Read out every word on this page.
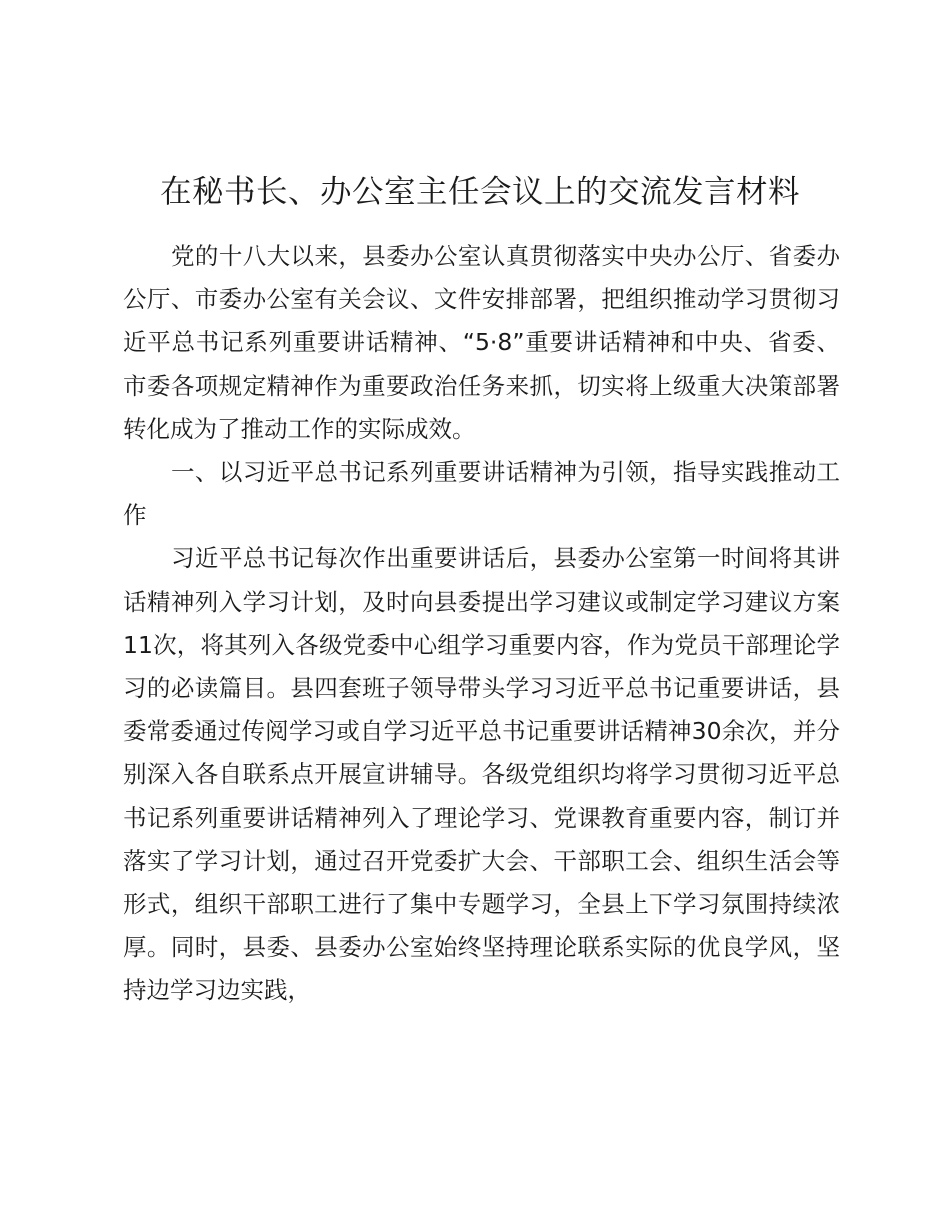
在秘书长、办公室主任会议上的交流发言材料

党的十八大以来，县委办公室认真贯彻落实中央办公厅、省委办公厅、市委办公室有关会议、文件安排部署，把组织推动学习贯彻习近平总书记系列重要讲话精神、“5·8”重要讲话精神和中央、省委、市委各项规定精神作为重要政治任务来抓，切实将上级重大决策部署转化成为了推动工作的实际成效。

一、以习近平总书记系列重要讲话精神为引领，指导实践推动工作

习近平总书记每次作出重要讲话后，县委办公室第一时间将其讲话精神列入学习计划，及时向县委提出学习建议或制定学习建议方案11次，将其列入各级党委中心组学习重要内容，作为党员干部理论学习的必读篇目。县四套班子领导带头学习习近平总书记重要讲话，县委常委通过传阅学习或自学习近平总书记重要讲话精神30余次，并分别深入各自联系点开展宣讲辅导。各级党组织均将学习贯彻习近平总书记系列重要讲话精神列入了理论学习、党课教育重要内容，制订并落实了学习计划，通过召开党委扩大会、干部职工会、组织生活会等形式，组织干部职工进行了集中专题学习，全县上下学习氛围持续浓厚。同时，县委、县委办公室始终坚持理论联系实际的优良学风，坚持边学习边实践，
